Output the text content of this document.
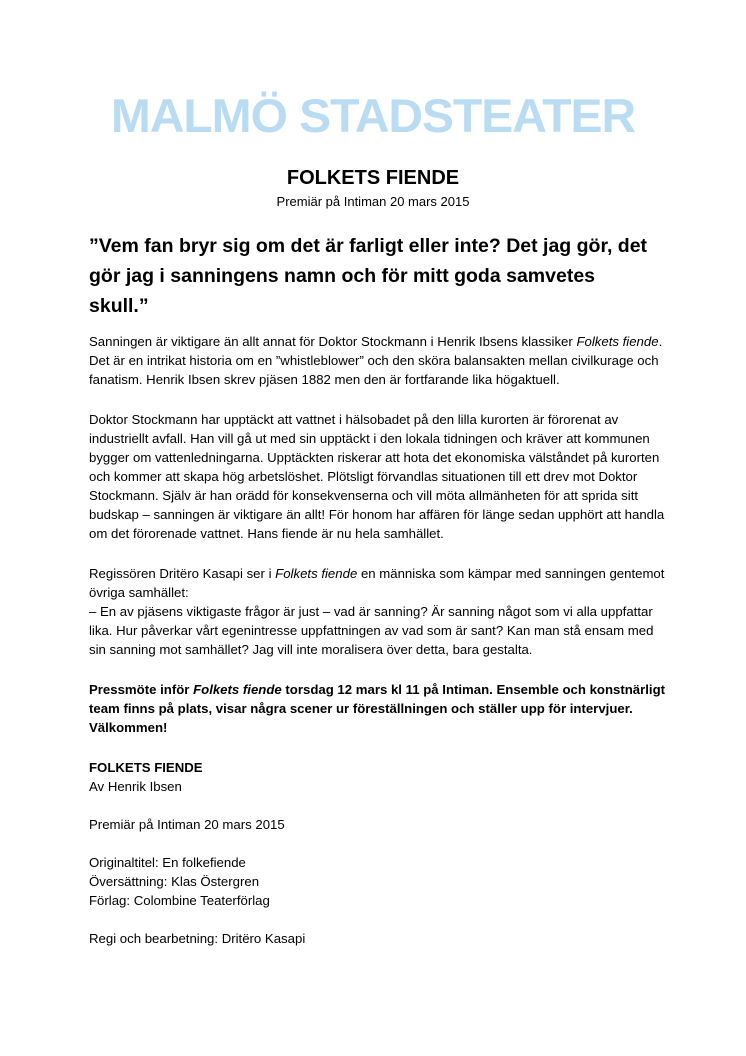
MALMÖ STADSTEATER
FOLKETS FIENDE
Premiär på Intiman 20 mars 2015
”Vem fan bryr sig om det är farligt eller inte? Det jag gör, det gör jag i sanningens namn och för mitt goda samvetes skull.”

Sanningen är viktigare än allt annat för Doktor Stockmann i Henrik Ibsens klassiker Folkets fiende. Det är en intrikat historia om en ”whistleblower” och den sköra balansakten mellan civilkurage och fanatism. Henrik Ibsen skrev pjäsen 1882 men den är fortfarande lika högaktuell.

Doktor Stockmann har upptäckt att vattnet i hälsobadet på den lilla kurorten är förorenat av industriellt avfall. Han vill gå ut med sin upptäckt i den lokala tidningen och kräver att kommunen bygger om vattenledningarna. Upptäckten riskerar att hota det ekonomiska välståndet på kurorten och kommer att skapa hög arbetslöshet. Plötsligt förvandlas situationen till ett drev mot Doktor Stockmann. Själv är han orädd för konsekvenserna och vill möta allmänheten för att sprida sitt budskap – sanningen är viktigare än allt! För honom har affären för länge sedan upphört att handla om det förorenade vattnet. Hans fiende är nu hela samhället.

Regissören Dritëro Kasapi ser i Folkets fiende en människa som kämpar med sanningen gentemot övriga samhället:
– En av pjäsens viktigaste frågor är just – vad är sanning? Är sanning något som vi alla uppfattar lika. Hur påverkar vårt egenintresse uppfattningen av vad som är sant? Kan man stå ensam med sin sanning mot samhället? Jag vill inte moralisera över detta, bara gestalta.

Pressmöte inför Folkets fiende torsdag 12 mars kl 11 på Intiman. Ensemble och konstnärligt team finns på plats, visar några scener ur föreställningen och ställer upp för intervjuer. Välkommen!

FOLKETS FIENDE
Av Henrik Ibsen
Premiär på Intiman 20 mars 2015
Originaltitel: En folkefiende
Översättning: Klas Östergren
Förlag: Colombine Teaterförlag
Regi och bearbetning: Dritëro Kasapi
